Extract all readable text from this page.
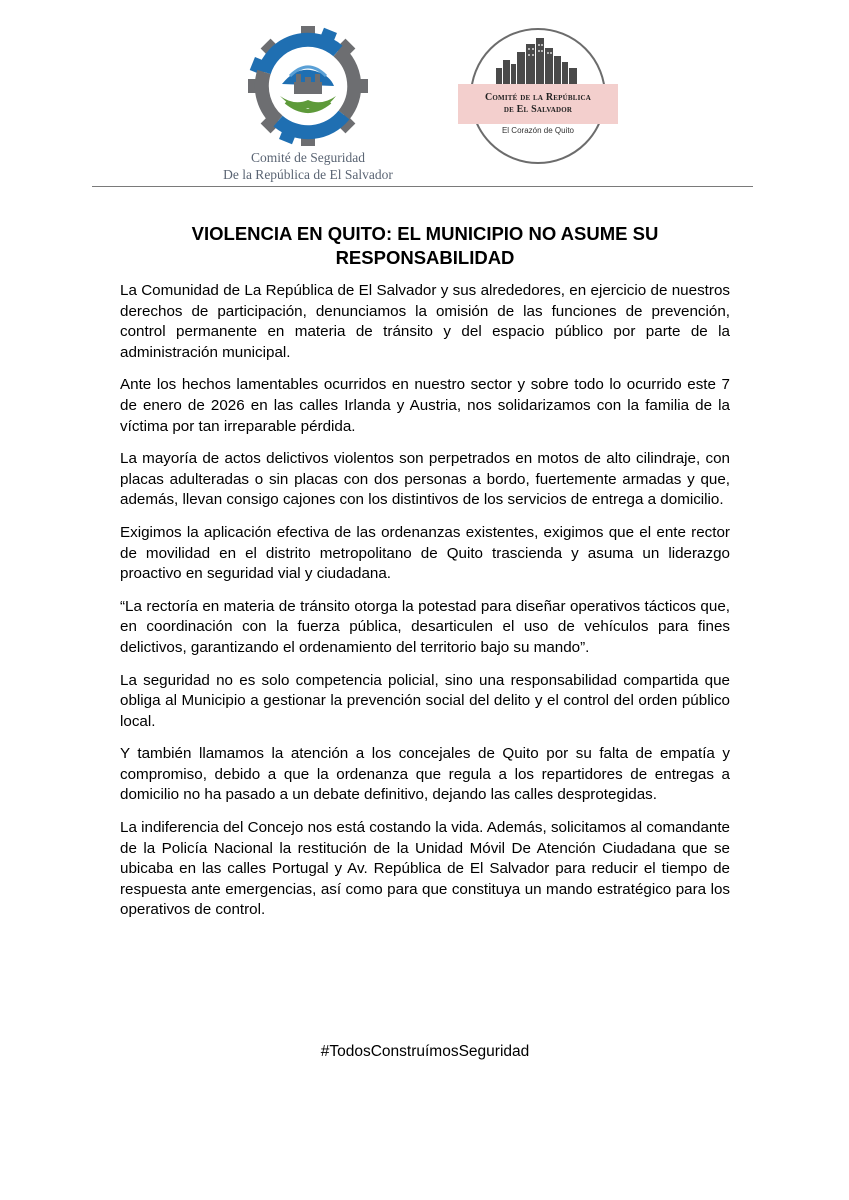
Comité de Seguridad
De la República de El Salvador
Comité de la República
de El Salvador
El Corazón de Quito
VIOLENCIA EN QUITO: EL MUNICIPIO NO ASUME SU RESPONSABILIDAD

La Comunidad de La República de El Salvador y sus alrededores, en ejercicio de nuestros derechos de participación, denunciamos la omisión de las funciones de prevención, control permanente en materia de tránsito y del espacio público por parte de la administración municipal.

Ante los hechos lamentables ocurridos en nuestro sector y sobre todo lo ocurrido este 7 de enero de 2026 en las calles Irlanda y Austria, nos solidarizamos con la familia de la víctima por tan irreparable pérdida.

La mayoría de actos delictivos violentos son perpetrados en motos de alto cilindraje, con placas adulteradas o sin placas con dos personas a bordo, fuertemente armadas y que, además, llevan consigo cajones con los distintivos de los servicios de entrega a domicilio.

Exigimos la aplicación efectiva de las ordenanzas existentes, exigimos que el ente rector de movilidad en el distrito metropolitano de Quito trascienda y asuma un liderazgo proactivo en seguridad vial y ciudadana.

“La rectoría en materia de tránsito otorga la potestad para diseñar operativos tácticos que, en coordinación con la fuerza pública, desarticulen el uso de vehículos para fines delictivos, garantizando el ordenamiento del territorio bajo su mando”.

La seguridad no es solo competencia policial, sino una responsabilidad compartida que obliga al Municipio a gestionar la prevención social del delito y el control del orden público local.

Y también llamamos la atención a los concejales de Quito por su falta de empatía y compromiso, debido a que la ordenanza que regula a los repartidores de entregas a domicilio no ha pasado a un debate definitivo, dejando las calles desprotegidas.

La indiferencia del Concejo nos está costando la vida. Además, solicitamos al comandante de la Policía Nacional la restitución de la Unidad Móvil De Atención Ciudadana que se ubicaba en las calles Portugal y Av. República de El Salvador para reducir el tiempo de respuesta ante emergencias, así como para que constituya un mando estratégico para los operativos de control.

#TodosConstruímosSeguridad
